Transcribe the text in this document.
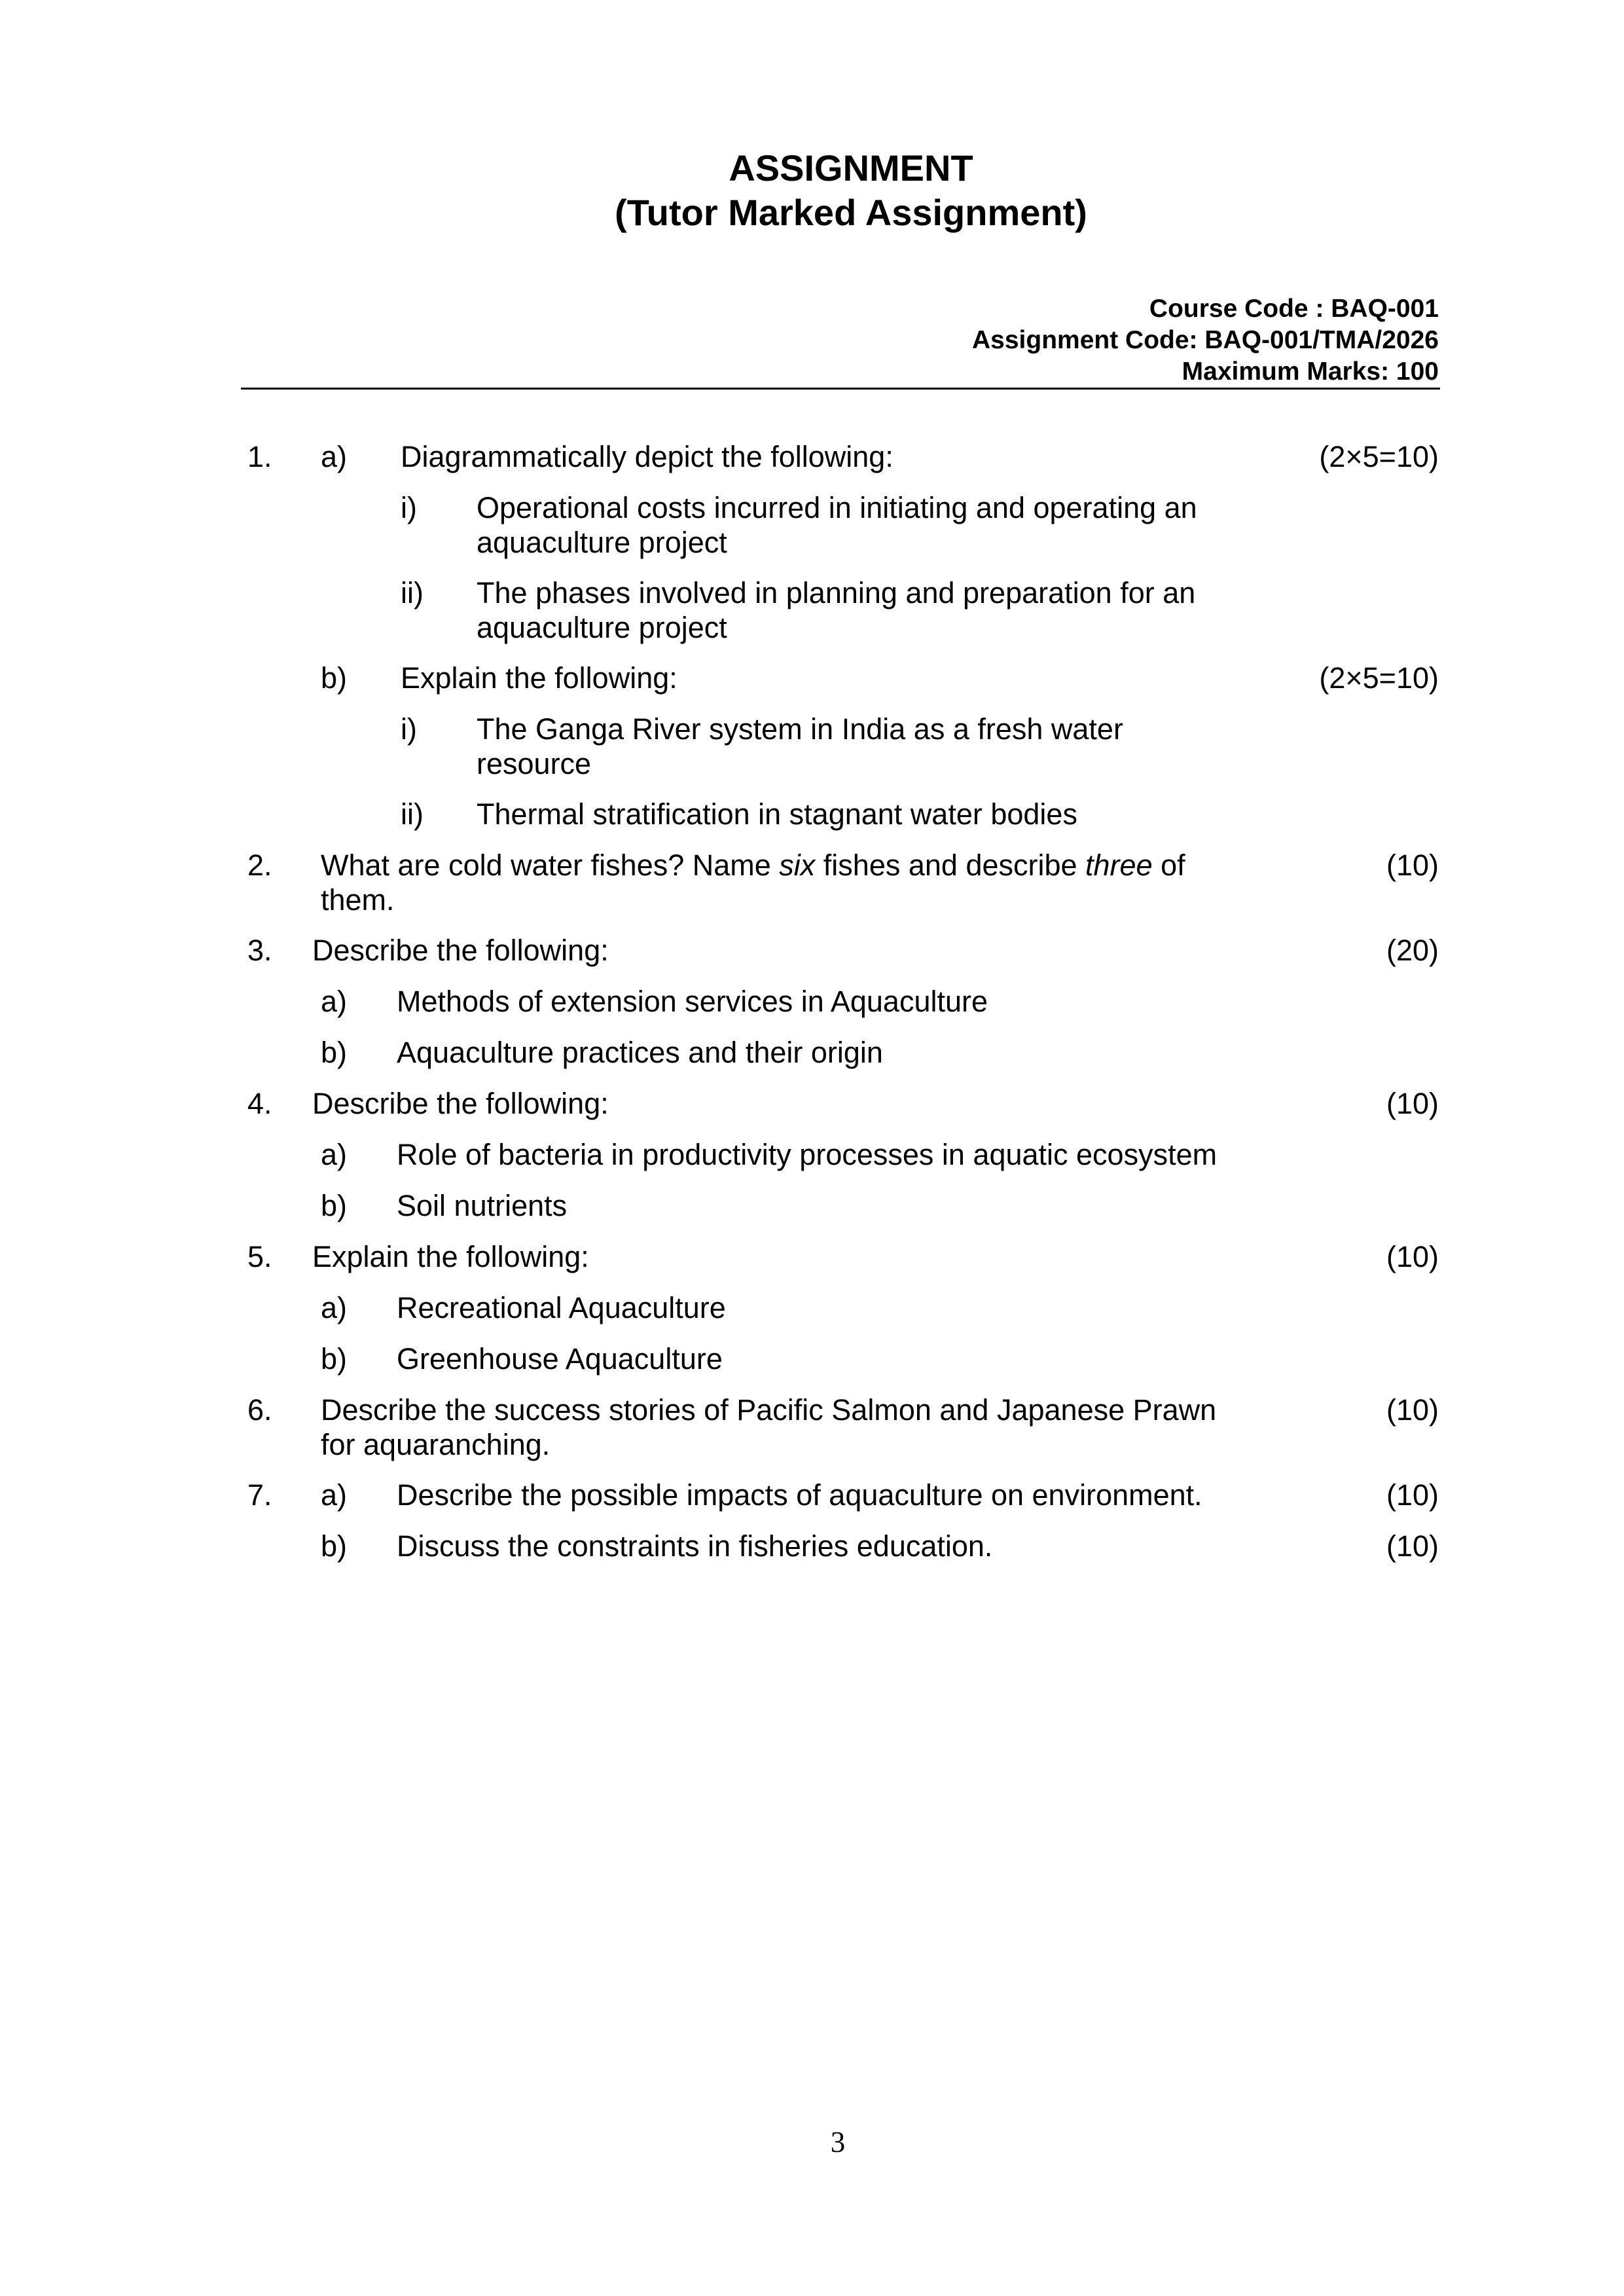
ASSIGNMENT
(Tutor Marked Assignment)
Course Code : BAQ-001
Assignment Code: BAQ-001/TMA/2026
Maximum Marks: 100
1. a) Diagrammatically depict the following:	(2×5=10)
i) Operational costs incurred in initiating and operating an
aquaculture project
ii) The phases involved in planning and preparation for an
aquaculture project
b) Explain the following:	(2×5=10)
i) The Ganga River system in India as a fresh water
resource
ii) Thermal stratification in stagnant water bodies
2. What are cold water fishes? Name six fishes and describe three of
them.
(10)
3. Describe the following:	(20)
a) Methods of extension services in Aquaculture
b) Aquaculture practices and their origin
4. Describe the following:	(10)
a) Role of bacteria in productivity processes in aquatic ecosystem
b) Soil nutrients
5. Explain the following:	(10)
a) Recreational Aquaculture
b) Greenhouse Aquaculture
6. Describe the success stories of Pacific Salmon and Japanese Prawn
for aquaranching.
(10)
7. a) Describe the possible impacts of aquaculture on environment.	(10)
b) Discuss the constraints in fisheries education.	(10)
3
